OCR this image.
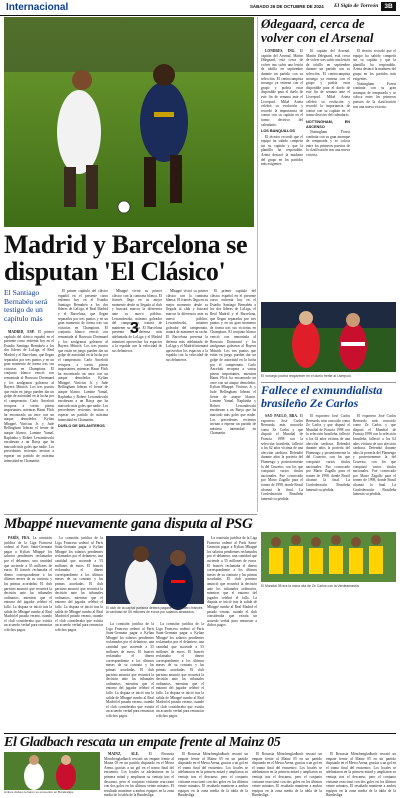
Internacional	SÁBADO 26 DE OCTUBRE DE 2024 El Siglo de Torreón 3B
Madrid y Barcelona se disputan 'El Clásico'
El Santiago Bernabéu será testigo de un capítulo más

MADRID, ESP. El primer capítulo del clásico español en el presente curso enfrenta hoy en el Estadio Santiago Bernabéu a los dos líderes de LaLiga, el Real Madrid y el Barcelona, que llegan separados por tres puntos y en un gran momento de forma tras sus victorias en Champions. El conjunto blanco venció con remontada al Borussia Dortmund y los azulgranas golearon al Bayern Múnich. Los tres puntos que están en juego pueden dar un golpe de autoridad en la lucha por el campeonato. Carlo Ancelotti recupera a varias piezas importantes, mientras Hansi Flick ha encontrado un once con un ataque demoledor. Kylian Mbappé, Vinícius Jr. y Jude Bellingham lideran el frente de ataque blanco. Lamine Yamal, Raphinha y Robert Lewandowski encabezan a un Barça que ha marcado más goles que nadie. Los precedentes recientes invitan a esperar un partido de máxima intensidad en Chamartín.

El primer capítulo del clásico español en el presente curso enfrenta hoy en el Estadio Santiago Bernabéu a los dos líderes de LaLiga, el Real Madrid y el Barcelona, que llegan separados por tres puntos y en un gran momento de forma tras sus victorias en Champions. El conjunto blanco venció con remontada al Borussia Dortmund y los azulgranas golearon al Bayern Múnich. Los tres puntos que están en juego pueden dar un golpe de autoridad en la lucha por el campeonato. Carlo Ancelotti recupera a varias piezas importantes, mientras Hansi Flick ha encontrado un once con un ataque demoledor. Kylian Mbappé, Vinícius Jr. y Jude Bellingham lideran el frente de ataque blanco. Lamine Yamal, Raphinha y Robert Lewandowski encabezan a un Barça que ha marcado más goles que nadie. Los precedentes recientes invitan a esperar un partido de máxima intensidad en Chamartín.

DUELO DE DELANTEROS

Mbappé vivirá su primer clásico con la camiseta blanca. El francés llega en su mejor momento desde su llegada al club y buscará marcar la diferencia ante su nuevo público. Lewandowski, máximo goleador del campeonato, tratará de mantener su racha. El Barcelona presenta la defensa más adelantada de LaLiga y el Madrid intentará aprovechar los espacios a la espalda con la velocidad de sus delanteros.

3

Mbappé vivirá su primer clásico con la camiseta blanca. El francés llega en su mejor momento desde su llegada al club y buscará marcar la diferencia ante su nuevo público. Lewandowski, máximo goleador del campeonato, tratará de mantener su racha. El Barcelona presenta la defensa más adelantada de LaLiga y el Madrid intentará aprovechar los espacios a la espalda con la velocidad de sus delanteros.

El primer capítulo del clásico español en el presente curso enfrenta hoy en el Estadio Santiago Bernabéu a los dos líderes de LaLiga, el Real Madrid y el Barcelona, que llegan separados por tres puntos y en un gran momento de forma tras sus victorias en Champions. El conjunto blanco venció con remontada al Borussia Dortmund y los azulgranas golearon al Bayern Múnich. Los tres puntos que están en juego pueden dar un golpe de autoridad en la lucha por el campeonato. Carlo Ancelotti recupera a varias piezas importantes, mientras Hansi Flick ha encontrado un once con un ataque demoledor. Kylian Mbappé, Vinícius Jr. y Jude Bellingham lideran el frente de ataque blanco. Lamine Yamal, Raphinha y Robert Lewandowski encabezan a un Barça que ha marcado más goles que nadie. Los precedentes recientes invitan a esperar un partido de máxima intensidad en Chamartín.

Ødegaard, cerca de volver con el Arsenal

LONDRES, ING. El capitán del Arsenal, Martin Ødegaard, está cerca de volver tras sufrir una lesión de tobillo en septiembre durante un partido con su selección. El centrocampista noruego ya entrena con el grupo y podría estar disponible para el duelo de este fin de semana ante el Liverpool. Mikel Arteta celebró su evolución y recordó la importancia de contar con su capitán en el tramo decisivo del calendario.

LOS BANQUILLOS

El técnico recordó que el equipo ha sabido competir sin su capitán y que la plantilla ha respondido. Arteta destacó la madurez del grupo en los partidos más exigentes.

El capitán del Arsenal, Martin Ødegaard, está cerca de volver tras sufrir una lesión de tobillo en septiembre durante un partido con su selección. El centrocampista noruego ya entrena con el grupo y podría estar disponible para el duelo de este fin de semana ante el Liverpool. Mikel Arteta celebró su evolución y recordó la importancia de contar con su capitán en el tramo decisivo del calendario.

NOTTINGHAM, EN ASCENSO

Nottingham Forest continúa con su gran arranque de temporada y se coloca entre los primeros puestos de la clasificación tras una nueva victoria.

El técnico recordó que el equipo ha sabido competir sin su capitán y que la plantilla ha respondido. Arteta destacó la madurez del grupo en los partidos más exigentes.

Nottingham Forest continúa con su gran arranque de temporada y se coloca entre los primeros puestos de la clasificación tras una nueva victoria.

El noruego podría reaparecer en el duelo frente al Liverpool.
Fallece el exmundialista brasileño Ze Carlos

SAO PAULO, BRA. El exportero José Carlos Bernardo, más conocido como Ze Carlos y que disputó el Mundial de Francia 1998 con la selección brasileña, falleció a los 62 años víctima de una afección cardiaca. Defendió durante años la portería del Flamengo y posteriormente la del Cruzeiro, con los que conquistó varios títulos nacionales. Fue convocado por Mario Zagallo para el torneo de 1998, donde Brasil alcanzó la final. La Confederación Brasileña lamentó su pérdida.

El exportero José Carlos Bernardo, más conocido como Ze Carlos y que disputó el Mundial de Francia 1998 con la selección brasileña, falleció a los 62 años víctima de una afección cardiaca. Defendió durante años la portería del Flamengo y posteriormente la del Cruzeiro, con los que conquistó varios títulos nacionales. Fue convocado por Mario Zagallo para el torneo de 1998, donde Brasil alcanzó la final. La Confederación Brasileña lamentó su pérdida.

El exportero José Carlos Bernardo, más conocido como Ze Carlos y que disputó el Mundial de Francia 1998 con la selección brasileña, falleció a los 62 años víctima de una afección cardiaca. Defendió durante años la portería del Flamengo y posteriormente la del Cruzeiro, con los que conquistó varios títulos nacionales. Fue convocado por Mario Zagallo para el torneo de 1998, donde Brasil alcanzó la final. La Confederación Brasileña lamentó su pérdida.

El Mundial 98 era la única cita de Ze Carlos con la Verdeamarela.
Mbappé nuevamente gana disputa al PSG

PARÍS, FRA. La comisión jurídica de la Liga Francesa ordenó al París Saint-Germain pagar a Kylian Mbappé los salarios pendientes reclamados por el delantero, una cantidad que asciende a 55 millones de euros. El francés reclamaba el dinero correspondiente a los últimos meses de su contrato y las primas acordadas. El club parisino anunció que recurrirá la decisión ante los tribunales ordinarios, mientras que el entorno del jugador celebró el fallo. La disputa se inició tras la salida de Mbappé rumbo al Real Madrid el pasado verano, cuando el club consideraba que existía un acuerdo verbal para renunciar a dichos pagos.

La comisión jurídica de la Liga Francesa ordenó al París Saint-Germain pagar a Kylian Mbappé los salarios pendientes reclamados por el delantero, una cantidad que asciende a 55 millones de euros. El francés reclamaba el dinero correspondiente a los últimos meses de su contrato y las primas acordadas. El club parisino anunció que recurrirá la decisión ante los tribunales ordinarios, mientras que el entorno del jugador celebró el fallo. La disputa se inició tras la salida de Mbappé rumbo al Real Madrid el pasado verano, cuando el club consideraba que existía un acuerdo verbal para renunciar a dichos pagos.

El club de la capital parisina deberá pagarle al delantero francés la cantidad de 55 millones de euros por salarios atrasados.

La comisión jurídica de la Liga Francesa ordenó al París Saint-Germain pagar a Kylian Mbappé los salarios pendientes reclamados por el delantero, una cantidad que asciende a 55 millones de euros. El francés reclamaba el dinero correspondiente a los últimos meses de su contrato y las primas acordadas. El club parisino anunció que recurrirá la decisión ante los tribunales ordinarios, mientras que el entorno del jugador celebró el fallo. La disputa se inició tras la salida de Mbappé rumbo al Real Madrid el pasado verano, cuando el club consideraba que existía un acuerdo verbal para renunciar a dichos pagos.

La comisión jurídica de la Liga Francesa ordenó al París Saint-Germain pagar a Kylian Mbappé los salarios pendientes reclamados por el delantero, una cantidad que asciende a 55 millones de euros. El francés reclamaba el dinero correspondiente a los últimos meses de su contrato y las primas acordadas. El club parisino anunció que recurrirá la decisión ante los tribunales ordinarios, mientras que el entorno del jugador celebró el fallo. La disputa se inició tras la salida de Mbappé rumbo al Real Madrid el pasado verano, cuando el club consideraba que existía un acuerdo verbal para renunciar a dichos pagos.

La comisión jurídica de la Liga Francesa ordenó al París Saint-Germain pagar a Kylian Mbappé los salarios pendientes reclamados por el delantero, una cantidad que asciende a 55 millones de euros. El francés reclamaba el dinero correspondiente a los últimos meses de su contrato y las primas acordadas. El club parisino anunció que recurrirá la decisión ante los tribunales ordinarios, mientras que el entorno del jugador celebró el fallo. La disputa se inició tras la salida de Mbappé rumbo al Real Madrid el pasado verano, cuando el club consideraba que existía un acuerdo verbal para renunciar a dichos pagos.

El Gladbach rescata un empate frente al Mainz 05
Ambos clubes cerraron su encuentro en Bundesliga.

MAINZ, ALE.	El Borussia Mönchengladbach rescató un empate frente al Mainz 05 en un partido disputado en el Mewa Arena, gracias a un gol en el tramo final del encuentro. Los locales se adelantaron en la primera mitad y ampliaron su ventaja tras el descanso, pero el conjunto visitante reaccionó con dos goles en los últimos veinte minutos. El resultado mantiene a ambos equipos en la zona media de la tabla de la Bundesliga.

El Borussia Mönchengladbach rescató un empate frente al Mainz 05 en un partido disputado en el Mewa Arena, gracias a un gol en el tramo final del encuentro. Los locales se adelantaron en la primera mitad y ampliaron su ventaja tras el descanso, pero el conjunto visitante reaccionó con dos goles en los últimos veinte minutos. El resultado mantiene a ambos equipos en la zona media de la tabla de la Bundesliga.

El Borussia Mönchengladbach rescató un empate frente al Mainz 05 en un partido disputado en el Mewa Arena, gracias a un gol en el tramo final del encuentro. Los locales se adelantaron en la primera mitad y ampliaron su ventaja tras el descanso, pero el conjunto visitante reaccionó con dos goles en los últimos veinte minutos. El resultado mantiene a ambos equipos en la zona media de la tabla de la Bundesliga.

El Borussia Mönchengladbach rescató un empate frente al Mainz 05 en un partido disputado en el Mewa Arena, gracias a un gol en el tramo final del encuentro. Los locales se adelantaron en la primera mitad y ampliaron su ventaja tras el descanso, pero el conjunto visitante reaccionó con dos goles en los últimos veinte minutos. El resultado mantiene a ambos equipos en la zona media de la tabla de la Bundesliga.
